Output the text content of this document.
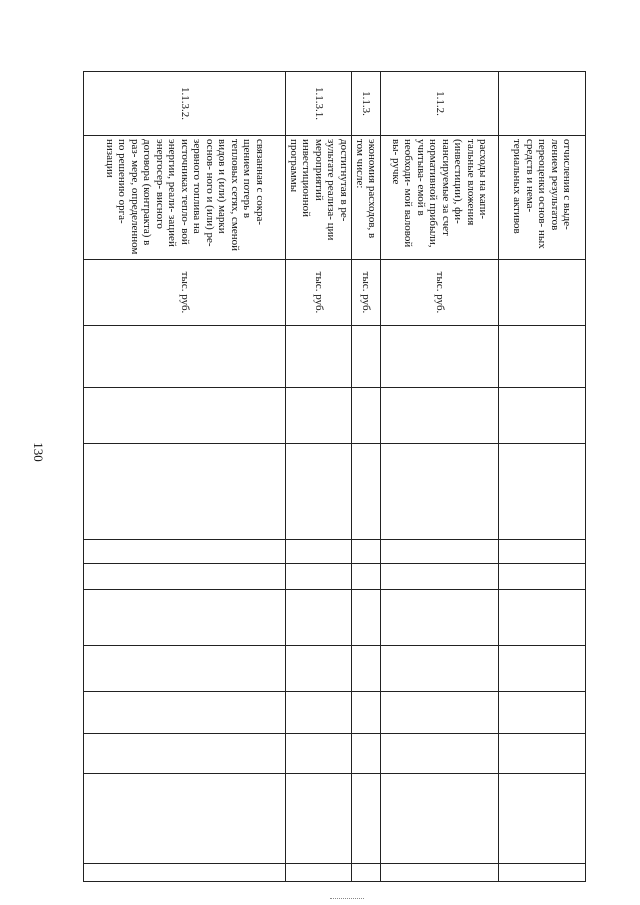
130
	отчисления с выде- лением результатов переоценки основ- ных средств и нема- териальных активов												
1.1.2.	расходы на капи- тальные вложения (инвестиции), фи- нансируемые за счет нормативной прибыли, учитыва- емой в необходи- мой валовой вы- ручке	тыс. руб.											
1.1.3.	экономия расходов, в том числе:	тыс. руб.											
1.1.3.1.	достигнутая в ре- зультате реализа- ции мероприятий инвестиционной программы	тыс. руб.											
1.1.3.2.	связанная с сокра- щением потерь в тепловых сетях, сменой видов и (или) марки основ- ного и (или) ре- зервного топлива на источниках тепло- вой энергии, реали- зацией энергосер- висного договора (контракта) в раз- мере, определенном по решению орга- низации	тыс. руб.											
